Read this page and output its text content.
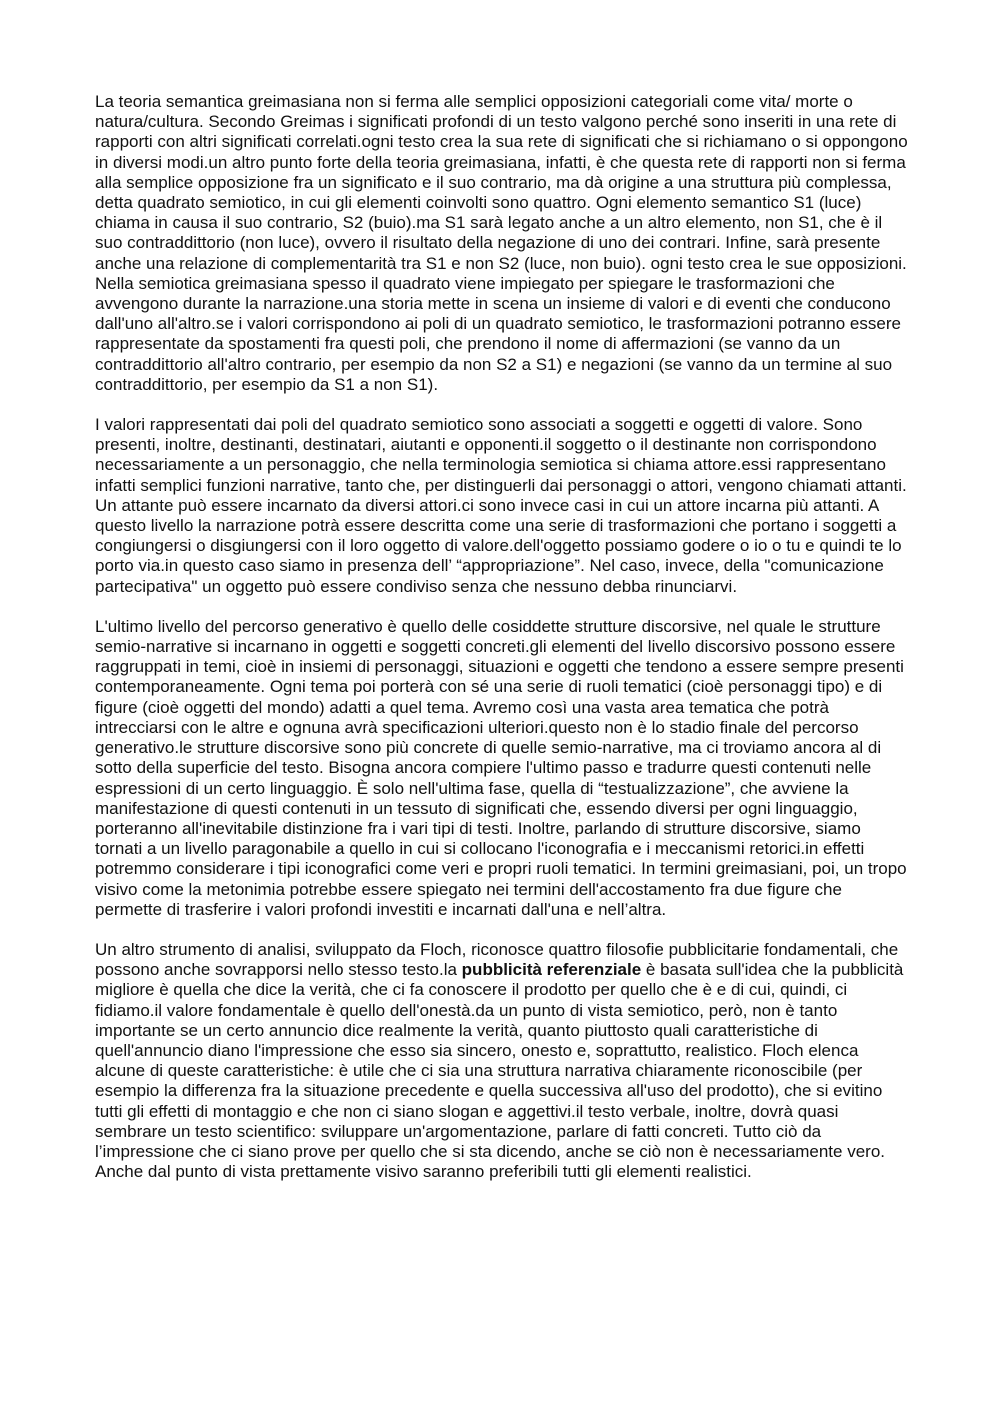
La teoria semantica greimasiana non si ferma alle semplici opposizioni categoriali come vita/ morte o natura/cultura. Secondo Greimas i significati profondi di un testo valgono perché sono inseriti in una rete di rapporti con altri significati correlati.ogni testo crea la sua rete di significati che si richiamano o si oppongono in diversi modi.un altro punto forte della teoria greimasiana, infatti, è che questa rete di rapporti non si ferma alla semplice opposizione fra un significato e il suo contrario, ma dà origine a una struttura più complessa, detta quadrato semiotico, in cui gli elementi coinvolti sono quattro. Ogni elemento semantico S1 (luce) chiama in causa il suo contrario, S2 (buio).ma S1 sarà legato anche a un altro elemento, non S1, che è il suo contraddittorio (non luce), ovvero il risultato della negazione di uno dei contrari. Infine, sarà presente anche una relazione di complementarità tra S1 e non S2 (luce, non buio). ogni testo crea le sue opposizioni. Nella semiotica greimasiana spesso il quadrato viene impiegato per spiegare le trasformazioni che avvengono durante la narrazione.una storia mette in scena un insieme di valori e di eventi che conducono dall'uno all'altro.se i valori corrispondono ai poli di un quadrato semiotico, le trasformazioni potranno essere rappresentate da spostamenti fra questi poli, che prendono il nome di affermazioni (se vanno da un contraddittorio all'altro contrario, per esempio da non S2 a S1) e negazioni (se vanno da un termine al suo contraddittorio, per esempio da S1 a non S1).

I valori rappresentati dai poli del quadrato semiotico sono associati a soggetti e oggetti di valore. Sono presenti, inoltre, destinanti, destinatari, aiutanti e opponenti.il soggetto o il destinante non corrispondono necessariamente a un personaggio, che nella terminologia semiotica si chiama attore.essi rappresentano infatti semplici funzioni narrative, tanto che, per distinguerli dai personaggi o attori, vengono chiamati attanti. Un attante può essere incarnato da diversi attori.ci sono invece casi in cui un attore incarna più attanti. A questo livello la narrazione potrà essere descritta come una serie di trasformazioni che portano i soggetti a congiungersi o disgiungersi con il loro oggetto di valore.dell'oggetto possiamo godere o io o tu e quindi te lo porto via.in questo caso siamo in presenza dell’ “appropriazione”. Nel caso, invece, della "comunicazione partecipativa" un oggetto può essere condiviso senza che nessuno debba rinunciarvi.

L'ultimo livello del percorso generativo è quello delle cosiddette strutture discorsive, nel quale le strutture semio-narrative si incarnano in oggetti e soggetti concreti.gli elementi del livello discorsivo possono essere raggruppati in temi, cioè in insiemi di personaggi, situazioni e oggetti che tendono a essere sempre presenti contemporaneamente. Ogni tema poi porterà con sé una serie di ruoli tematici (cioè personaggi tipo) e di figure (cioè oggetti del mondo) adatti a quel tema. Avremo così una vasta area tematica che potrà intrecciarsi con le altre e ognuna avrà specificazioni ulteriori.questo non è lo stadio finale del percorso generativo.le strutture discorsive sono più concrete di quelle semio-narrative, ma ci troviamo ancora al di sotto della superficie del testo. Bisogna ancora compiere l'ultimo passo e tradurre questi contenuti nelle espressioni di un certo linguaggio. È solo nell'ultima fase, quella di “testualizzazione”, che avviene la manifestazione di questi contenuti in un tessuto di significati che, essendo diversi per ogni linguaggio, porteranno all'inevitabile distinzione fra i vari tipi di testi. Inoltre, parlando di strutture discorsive, siamo tornati a un livello paragonabile a quello in cui si collocano l'iconografia e i meccanismi retorici.in effetti potremmo considerare i tipi iconografici come veri e propri ruoli tematici. In termini greimasiani, poi, un tropo visivo come la metonimia potrebbe essere spiegato nei termini dell'accostamento fra due figure che permette di trasferire i valori profondi investiti e incarnati dall'una e nell’altra.

Un altro strumento di analisi, sviluppato da Floch, riconosce quattro filosofie pubblicitarie fondamentali, che possono anche sovrapporsi nello stesso testo.la pubblicità referenziale è basata sull'idea che la pubblicità migliore è quella che dice la verità, che ci fa conoscere il prodotto per quello che è e di cui, quindi, ci fidiamo.il valore fondamentale è quello dell'onestà.da un punto di vista semiotico, però, non è tanto importante se un certo annuncio dice realmente la verità, quanto piuttosto quali caratteristiche di quell'annuncio diano l'impressione che esso sia sincero, onesto e, soprattutto, realistico. Floch elenca alcune di queste caratteristiche: è utile che ci sia una struttura narrativa chiaramente riconoscibile (per esempio la differenza fra la situazione precedente e quella successiva all'uso del prodotto), che si evitino tutti gli effetti di montaggio e che non ci siano slogan e aggettivi.il testo verbale, inoltre, dovrà quasi sembrare un testo scientifico: sviluppare un'argomentazione, parlare di fatti concreti. Tutto ciò da l’impressione che ci siano prove per quello che si sta dicendo, anche se ciò non è necessariamente vero. Anche dal punto di vista prettamente visivo saranno preferibili tutti gli elementi realistici.
